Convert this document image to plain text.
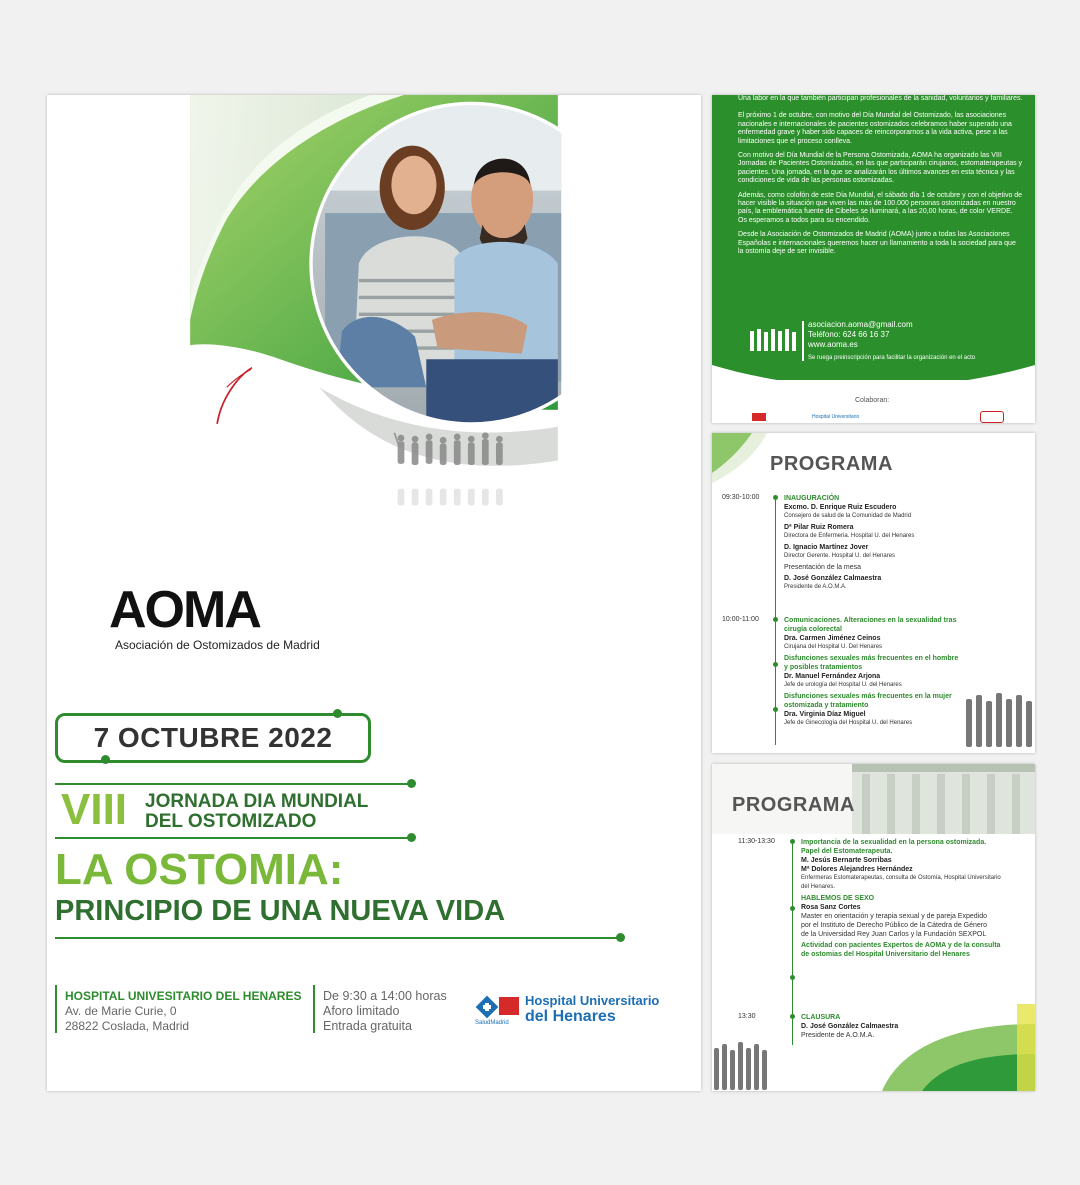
AOMA
Asociación de Ostomizados de Madrid
7 OCTUBRE 2022
VIII JORNADA DIA MUNDIAL
DEL OSTOMIZADO
LA OSTOMIA:
PRINCIPIO DE UNA NUEVA VIDA
HOSPITAL UNIVESITARIO DEL HENARES
Av. de Marie Curie, 0
28822 Coslada, Madrid
De 9:30 a 14:00 horas
Aforo limitado
Entrada gratuita	SaludMadrid
Hospital Universitario
del Henares

Una labor en la que también participan profesionales de la sanidad, voluntarios y familiares.

El próximo 1 de octubre, con motivo del Día Mundial del Ostomizado, las asociaciones nacionales e internacionales de pacientes ostomizados celebramos haber superado una enfermedad grave y haber sido capaces de reincorporarnos a la vida activa, pese a las limitaciones que el proceso conlleva.

Con motivo del Día Mundial de la Persona Ostomizada, AOMA ha organizado las VIII Jornadas de Pacientes Ostomizados, en las que participarán cirujanos, estomaterapeutas y pacientes. Una jornada, en la que se analizarán los últimos avances en esta técnica y las condiciones de vida de las personas ostomizadas.

Además, como colofón de este Día Mundial, el sábado día 1 de octubre y con el objetivo de hacer visible la situación que viven las más de 100.000 personas ostomizadas en nuestro país, la emblemática fuente de Cibeles se iluminará, a las 20,00 horas, de color VERDE. Os esperamos a todos para su encendido.

Desde la Asociación de Ostomizados de Madrid (AOMA) junto a todas las Asociaciones Españolas e internacionales queremos hacer un llamamiento a toda la sociedad para que la ostomía deje de ser invisible.

asociacion.aoma@gmail.com
Teléfono: 624 66 16 37
www.aoma.es
Se ruega preinscripción para facilitar la organización en el acto
Colaboran:
Hospital Universitario
PROGRAMA
09:30-10:00	INAUGURACIÓN
Excmo. D. Enrique Ruiz Escudero
Consejero de salud de la Comunidad de Madrid
Dª Pilar Ruiz Romera
Directora de Enfermeria. Hospital U. del Henares
D. Ignacio Martínez Jover
Director Gerente. Hospital U. del Henares
Presentación de la mesa
D. José González Calmaestra
Presidente de A.O.M.A.
10:00-11:00	Comunicaciones. Alteraciones en la sexualidad tras cirugía colorectal
Dra. Carmen Jiménez Ceinos
Cirujana del Hospital U. Del Henares
Disfunciones sexuales más frecuentes en el hombre y posibles tratamientos
Dr. Manuel Fernández Arjona
Jefe de urología del Hospital U. del Henares
Disfunciones sexuales más frecuentes en la mujer ostomizada y tratamiento
Dra. Virginia Díaz Miguel
Jefe de Ginecología del Hospital U. del Henares
PROGRAMA
11:30-13:30	Importancia de la sexualidad en la persona ostomizada. Papel del Estomaterapeuta.
M. Jesús Bernarte Sorribas
Mª Dolores Alejandres Hernández
Enfermeras Estomaterapeutas, consulta de Ostomía, Hospital Universitario del Henares.
HABLEMOS DE SEXO
Rosa Sanz Cortes
Master en orientación y terapia sexual y de pareja Expedido por el Instituto de Derecho Público de la Cátedra de Género de la Universidad Rey Juan Carlos y la Fundación SEXPOL
Actividad con pacientes Expertos de AOMA y de la consulta de ostomias del Hospital Universitario del Henares
13:30	CLAUSURA
D. José González Calmaestra
Presidente de A.O.M.A.
